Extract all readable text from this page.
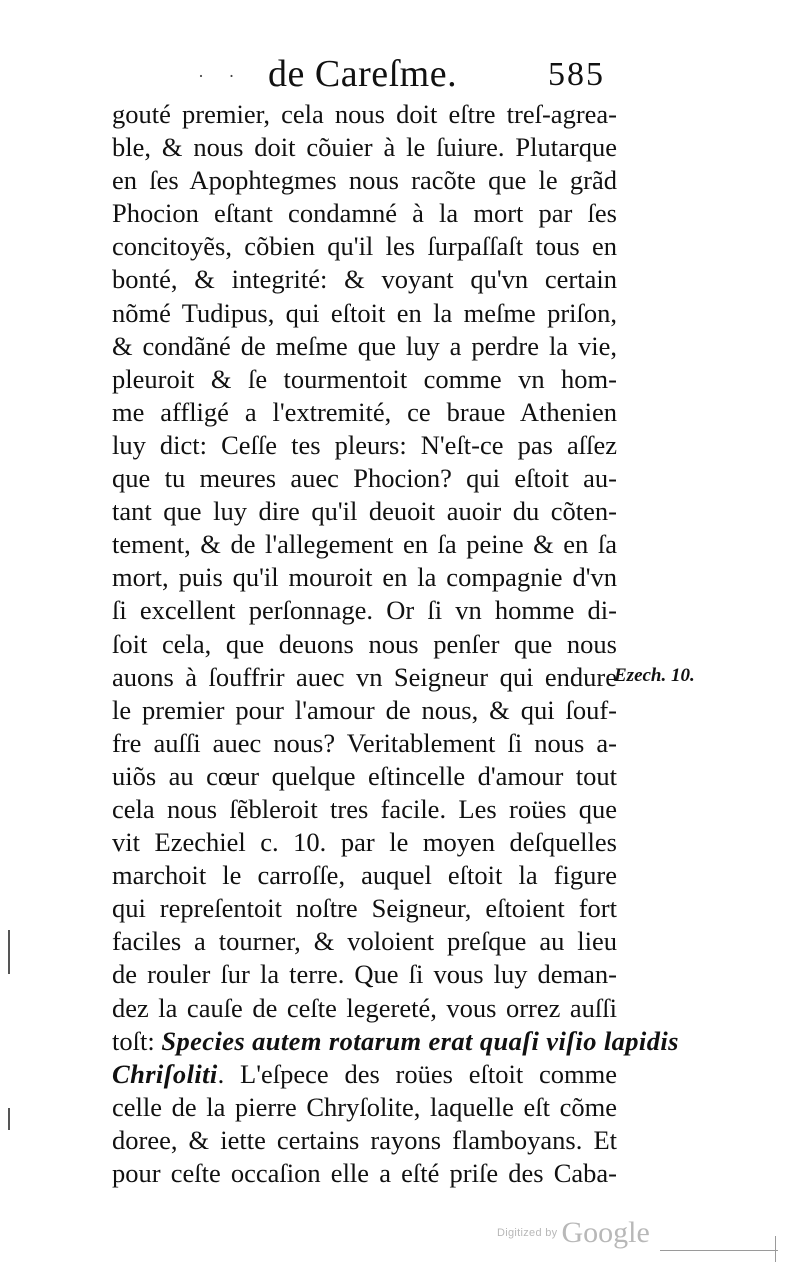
· · de Careſme.	585
gouté premier, cela nous doit eſtre treſ-agrea-
ble, & nous doit cõuier à le ſuiure. Plutarque
en ſes Apophtegmes nous racõte que le grãd
Phocion eſtant condamné à la mort par ſes
concitoyẽs, cõbien qu'il les ſurpaſſaſt tous en
bonté, & integrité: & voyant qu'vn certain
nõmé Tudipus, qui eſtoit en la meſme priſon,
& condãné de meſme que luy a perdre la vie,
pleuroit & ſe tourmentoit comme vn hom-
me affligé a l'extremité, ce braue Athenien
luy dict: Ceſſe tes pleurs: N'eſt-ce pas aſſez
que tu meures auec Phocion? qui eſtoit au-
tant que luy dire qu'il deuoit auoir du cõten-
tement, & de l'allegement en ſa peine & en ſa
mort, puis qu'il mouroit en la compagnie d'vn
ſi excellent perſonnage. Or ſi vn homme di-
ſoit cela, que deuons nous penſer que nous
auons à ſouffrir auec vn Seigneur qui endure
le premier pour l'amour de nous, & qui ſouf-
fre auſſi auec nous? Veritablement ſi nous a-
uiõs au cœur quelque eſtincelle d'amour tout
cela nous ſẽbleroit tres facile. Les roües que
vit Ezechiel c. 10. par le moyen deſquelles
marchoit le carroſſe, auquel eſtoit la figure
qui repreſentoit noſtre Seigneur, eſtoient fort
faciles a tourner, & voloient preſque au lieu
de rouler ſur la terre. Que ſi vous luy deman-
dez la cauſe de ceſte legereté, vous orrez auſſi
toſt: Species autem rotarum erat quaſi viſio lapidis
Chriſoliti. L'eſpece des roües eſtoit comme
celle de la pierre Chryſolite, laquelle eſt cõme
doree, & iette certains rayons flamboyans. Et
pour ceſte occaſion elle a eſté priſe des Caba-
Ezech. 10.
Digitized by Google
